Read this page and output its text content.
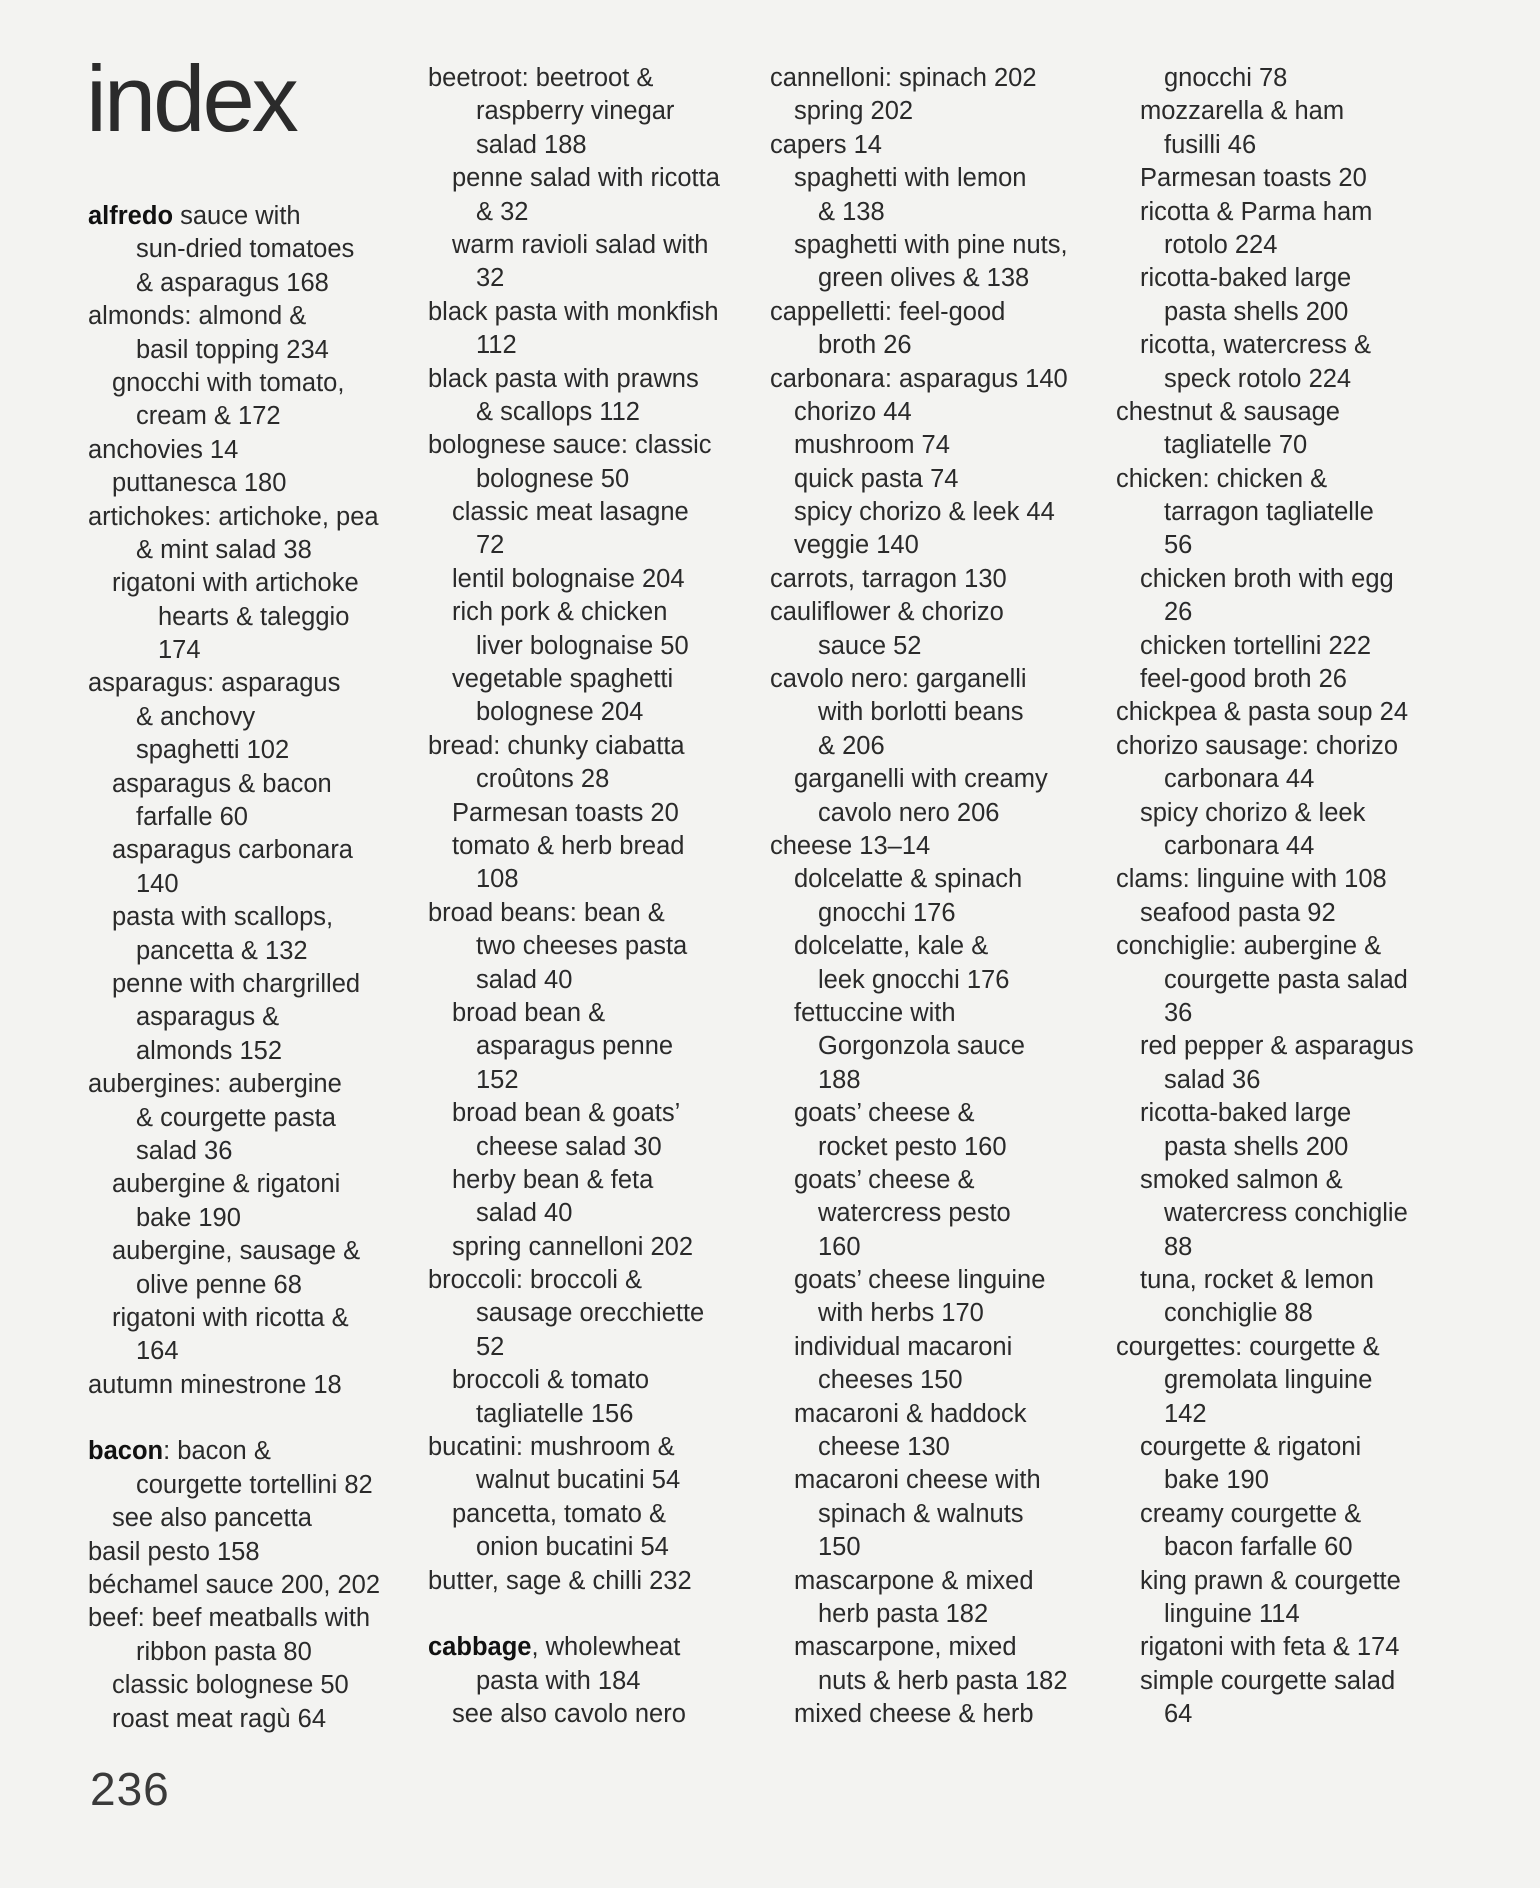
index
alfredo sauce with
sun-dried tomatoes
& asparagus 168
almonds: almond &
basil topping 234
gnocchi with tomato,
cream & 172
anchovies 14
puttanesca 180
artichokes: artichoke, pea
& mint salad 38
rigatoni with artichoke
hearts & taleggio
174
asparagus: asparagus
& anchovy
spaghetti 102
asparagus & bacon
farfalle 60
asparagus carbonara
140
pasta with scallops,
pancetta & 132
penne with chargrilled
asparagus &
almonds 152
aubergines: aubergine
& courgette pasta
salad 36
aubergine & rigatoni
bake 190
aubergine, sausage &
olive penne 68
rigatoni with ricotta &
164
autumn minestrone 18
bacon: bacon &
courgette tortellini 82
see also pancetta
basil pesto 158
béchamel sauce 200, 202
beef: beef meatballs with
ribbon pasta 80
classic bolognese 50
roast meat ragù 64
beetroot: beetroot &
raspberry vinegar
salad 188
penne salad with ricotta
& 32
warm ravioli salad with
32
black pasta with monkfish
112
black pasta with prawns
& scallops 112
bolognese sauce: classic
bolognese 50
classic meat lasagne
72
lentil bolognaise 204
rich pork & chicken
liver bolognaise 50
vegetable spaghetti
bolognese 204
bread: chunky ciabatta
croûtons 28
Parmesan toasts 20
tomato & herb bread
108
broad beans: bean &
two cheeses pasta
salad 40
broad bean &
asparagus penne
152
broad bean & goats’
cheese salad 30
herby bean & feta
salad 40
spring cannelloni 202
broccoli: broccoli &
sausage orecchiette
52
broccoli & tomato
tagliatelle 156
bucatini: mushroom &
walnut bucatini 54
pancetta, tomato &
onion bucatini 54
butter, sage & chilli 232
cabbage, wholewheat
pasta with 184
see also cavolo nero
cannelloni: spinach 202
spring 202
capers 14
spaghetti with lemon
& 138
spaghetti with pine nuts,
green olives & 138
cappelletti: feel-good
broth 26
carbonara: asparagus 140
chorizo 44
mushroom 74
quick pasta 74
spicy chorizo & leek 44
veggie 140
carrots, tarragon 130
cauliflower & chorizo
sauce 52
cavolo nero: garganelli
with borlotti beans
& 206
garganelli with creamy
cavolo nero 206
cheese 13–14
dolcelatte & spinach
gnocchi 176
dolcelatte, kale &
leek gnocchi 176
fettuccine with
Gorgonzola sauce
188
goats’ cheese &
rocket pesto 160
goats’ cheese &
watercress pesto
160
goats’ cheese linguine
with herbs 170
individual macaroni
cheeses 150
macaroni & haddock
cheese 130
macaroni cheese with
spinach & walnuts
150
mascarpone & mixed
herb pasta 182
mascarpone, mixed
nuts & herb pasta 182
mixed cheese & herb
gnocchi 78
mozzarella & ham
fusilli 46
Parmesan toasts 20
ricotta & Parma ham
rotolo 224
ricotta-baked large
pasta shells 200
ricotta, watercress &
speck rotolo 224
chestnut & sausage
tagliatelle 70
chicken: chicken &
tarragon tagliatelle
56
chicken broth with egg
26
chicken tortellini 222
feel-good broth 26
chickpea & pasta soup 24
chorizo sausage: chorizo
carbonara 44
spicy chorizo & leek
carbonara 44
clams: linguine with 108
seafood pasta 92
conchiglie: aubergine &
courgette pasta salad
36
red pepper & asparagus
salad 36
ricotta-baked large
pasta shells 200
smoked salmon &
watercress conchiglie
88
tuna, rocket & lemon
conchiglie 88
courgettes: courgette &
gremolata linguine
142
courgette & rigatoni
bake 190
creamy courgette &
bacon farfalle 60
king prawn & courgette
linguine 114
rigatoni with feta & 174
simple courgette salad
64
236
